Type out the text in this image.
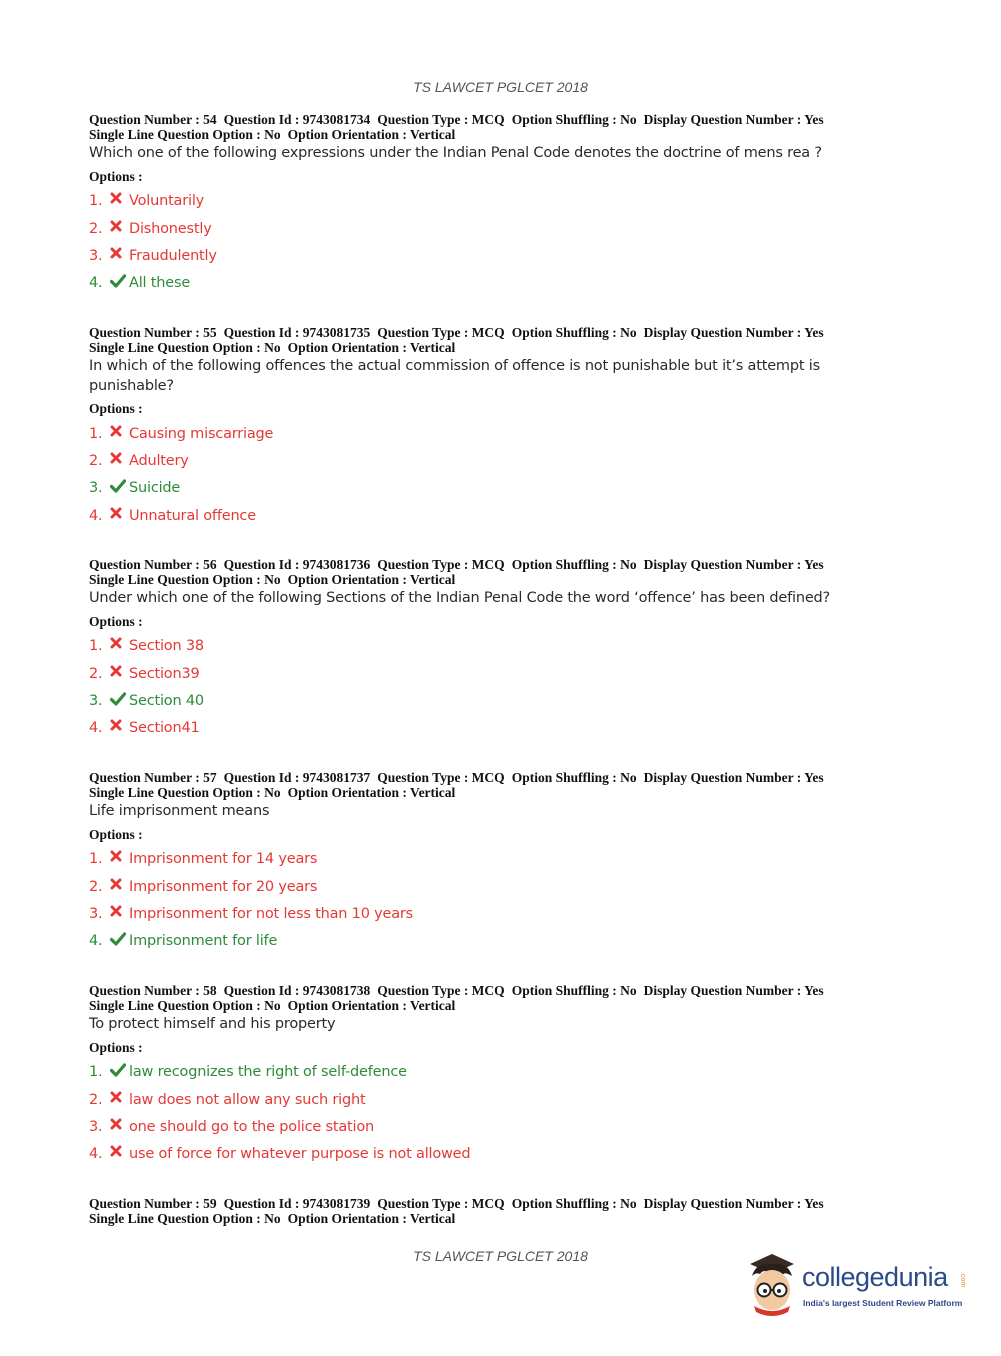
TS LAWCET PGLCET 2018
Question Number : 54 Question Id : 9743081734 Question Type : MCQ Option Shuffling : No Display Question Number : Yes
Single Line Question Option : No Option Orientation : Vertical
Which one of the following expressions under the Indian Penal Code denotes the doctrine of mens rea ?
Options :
1.	Voluntarily
2.	Dishonestly
3.	Fraudulently
4.	All these
Question Number : 55 Question Id : 9743081735 Question Type : MCQ Option Shuffling : No Display Question Number : Yes
Single Line Question Option : No Option Orientation : Vertical
In which of the following offences the actual commission of offence is not punishable but it’s attempt is punishable?
Options :
1.	Causing miscarriage
2.	Adultery
3.	Suicide
4.	Unnatural offence
Question Number : 56 Question Id : 9743081736 Question Type : MCQ Option Shuffling : No Display Question Number : Yes
Single Line Question Option : No Option Orientation : Vertical
Under which one of the following Sections of the Indian Penal Code the word ‘offence’ has been defined?
Options :
1.	Section 38
2.	Section39
3.	Section 40
4.	Section41
Question Number : 57 Question Id : 9743081737 Question Type : MCQ Option Shuffling : No Display Question Number : Yes
Single Line Question Option : No Option Orientation : Vertical
Life imprisonment means
Options :
1.	Imprisonment for 14 years
2.	Imprisonment for 20 years
3.	Imprisonment for not less than 10 years
4.	Imprisonment for life
Question Number : 58 Question Id : 9743081738 Question Type : MCQ Option Shuffling : No Display Question Number : Yes
Single Line Question Option : No Option Orientation : Vertical
To protect himself and his property
Options :
1.	law recognizes the right of self-defence
2.	law does not allow any such right
3.	one should go to the police station
4.	use of force for whatever purpose is not allowed
Question Number : 59 Question Id : 9743081739 Question Type : MCQ Option Shuffling : No Display Question Number : Yes
Single Line Question Option : No Option Orientation : Vertical
TS LAWCET PGLCET 2018
collegedunia .com
India's largest Student Review Platform
